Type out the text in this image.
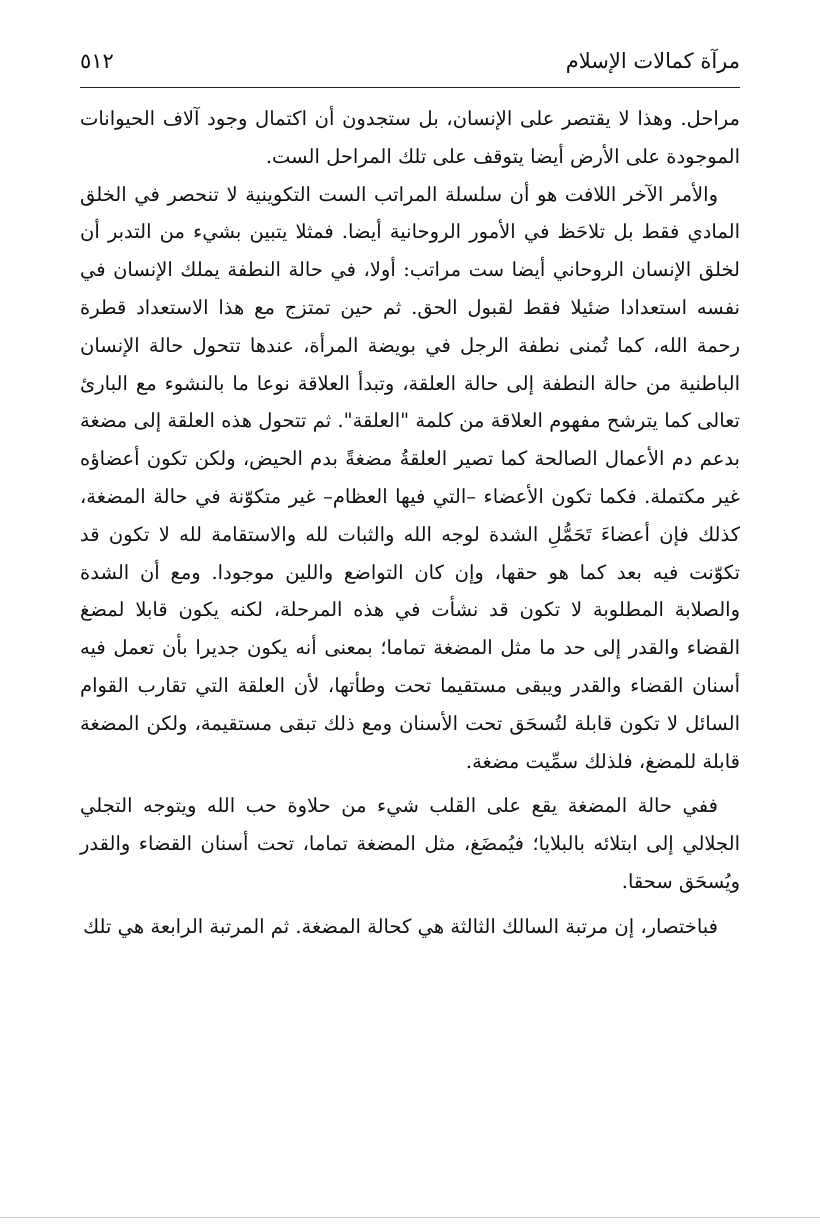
مرآة كمالات الإسلام
٥١٢

مراحل. وهذا لا يقتصر على الإنسان، بل ستجدون أن اكتمال وجود آلاف الحيوانات الموجودة على الأرض أيضا يتوقف على تلك المراحل الست.

والأمر الآخر اللافت هو أن سلسلة المراتب الست التكوينية لا تنحصر في الخلق المادي فقط بل تلاحَظ في الأمور الروحانية أيضا. فمثلا يتبين بشيء من التدبر أن لخلق الإنسان الروحاني أيضا ست مراتب: أولا، في حالة النطفة يملك الإنسان في نفسه استعدادا ضئيلا فقط لقبول الحق. ثم حين تمتزج مع هذا الاستعداد قطرة رحمة الله، كما تُمنى نطفة الرجل في بويضة المرأة، عندها تتحول حالة الإنسان الباطنية من حالة النطفة إلى حالة العلقة، وتبدأ العلاقة نوعا ما بالنشوء مع البارئ تعالى كما يترشح مفهوم العلاقة من كلمة "العلقة". ثم تتحول هذه العلقة إلى مضغة بدعم دم الأعمال الصالحة كما تصير العلقةُ مضغةً بدم الحيض، ولكن تكون أعضاؤه غير مكتملة. فكما تكون الأعضاء –التي فيها العظام– غير متكوّنة في حالة المضغة، كذلك فإن أعضاءَ تَحَمُّلِ الشدة لوجه الله والثبات لله والاستقامة لله لا تكون قد تكوّنت فيه بعد كما هو حقها، وإن كان التواضع واللين موجودا. ومع أن الشدة والصلابة المطلوبة لا تكون قد نشأت في هذه المرحلة، لكنه يكون قابلا لمضغ القضاء والقدر إلى حد ما مثل المضغة تماما؛ بمعنى أنه يكون جديرا بأن تعمل فيه أسنان القضاء والقدر ويبقى مستقيما تحت وطأتها، لأن العلقة التي تقارب القوام السائل لا تكون قابلة لتُسحَق تحت الأسنان ومع ذلك تبقى مستقيمة، ولكن المضغة قابلة للمضغ، فلذلك سمِّيت مضغة.

ففي حالة المضغة يقع على القلب شيء من حلاوة حب الله ويتوجه التجلي الجلالي إلى ابتلائه بالبلايا؛ فيُمضَغ، مثل المضغة تماما، تحت أسنان القضاء والقدر ويُسحَق سحقا.

فباختصار، إن مرتبة السالك الثالثة هي كحالة المضغة. ثم المرتبة الرابعة هي تلك
